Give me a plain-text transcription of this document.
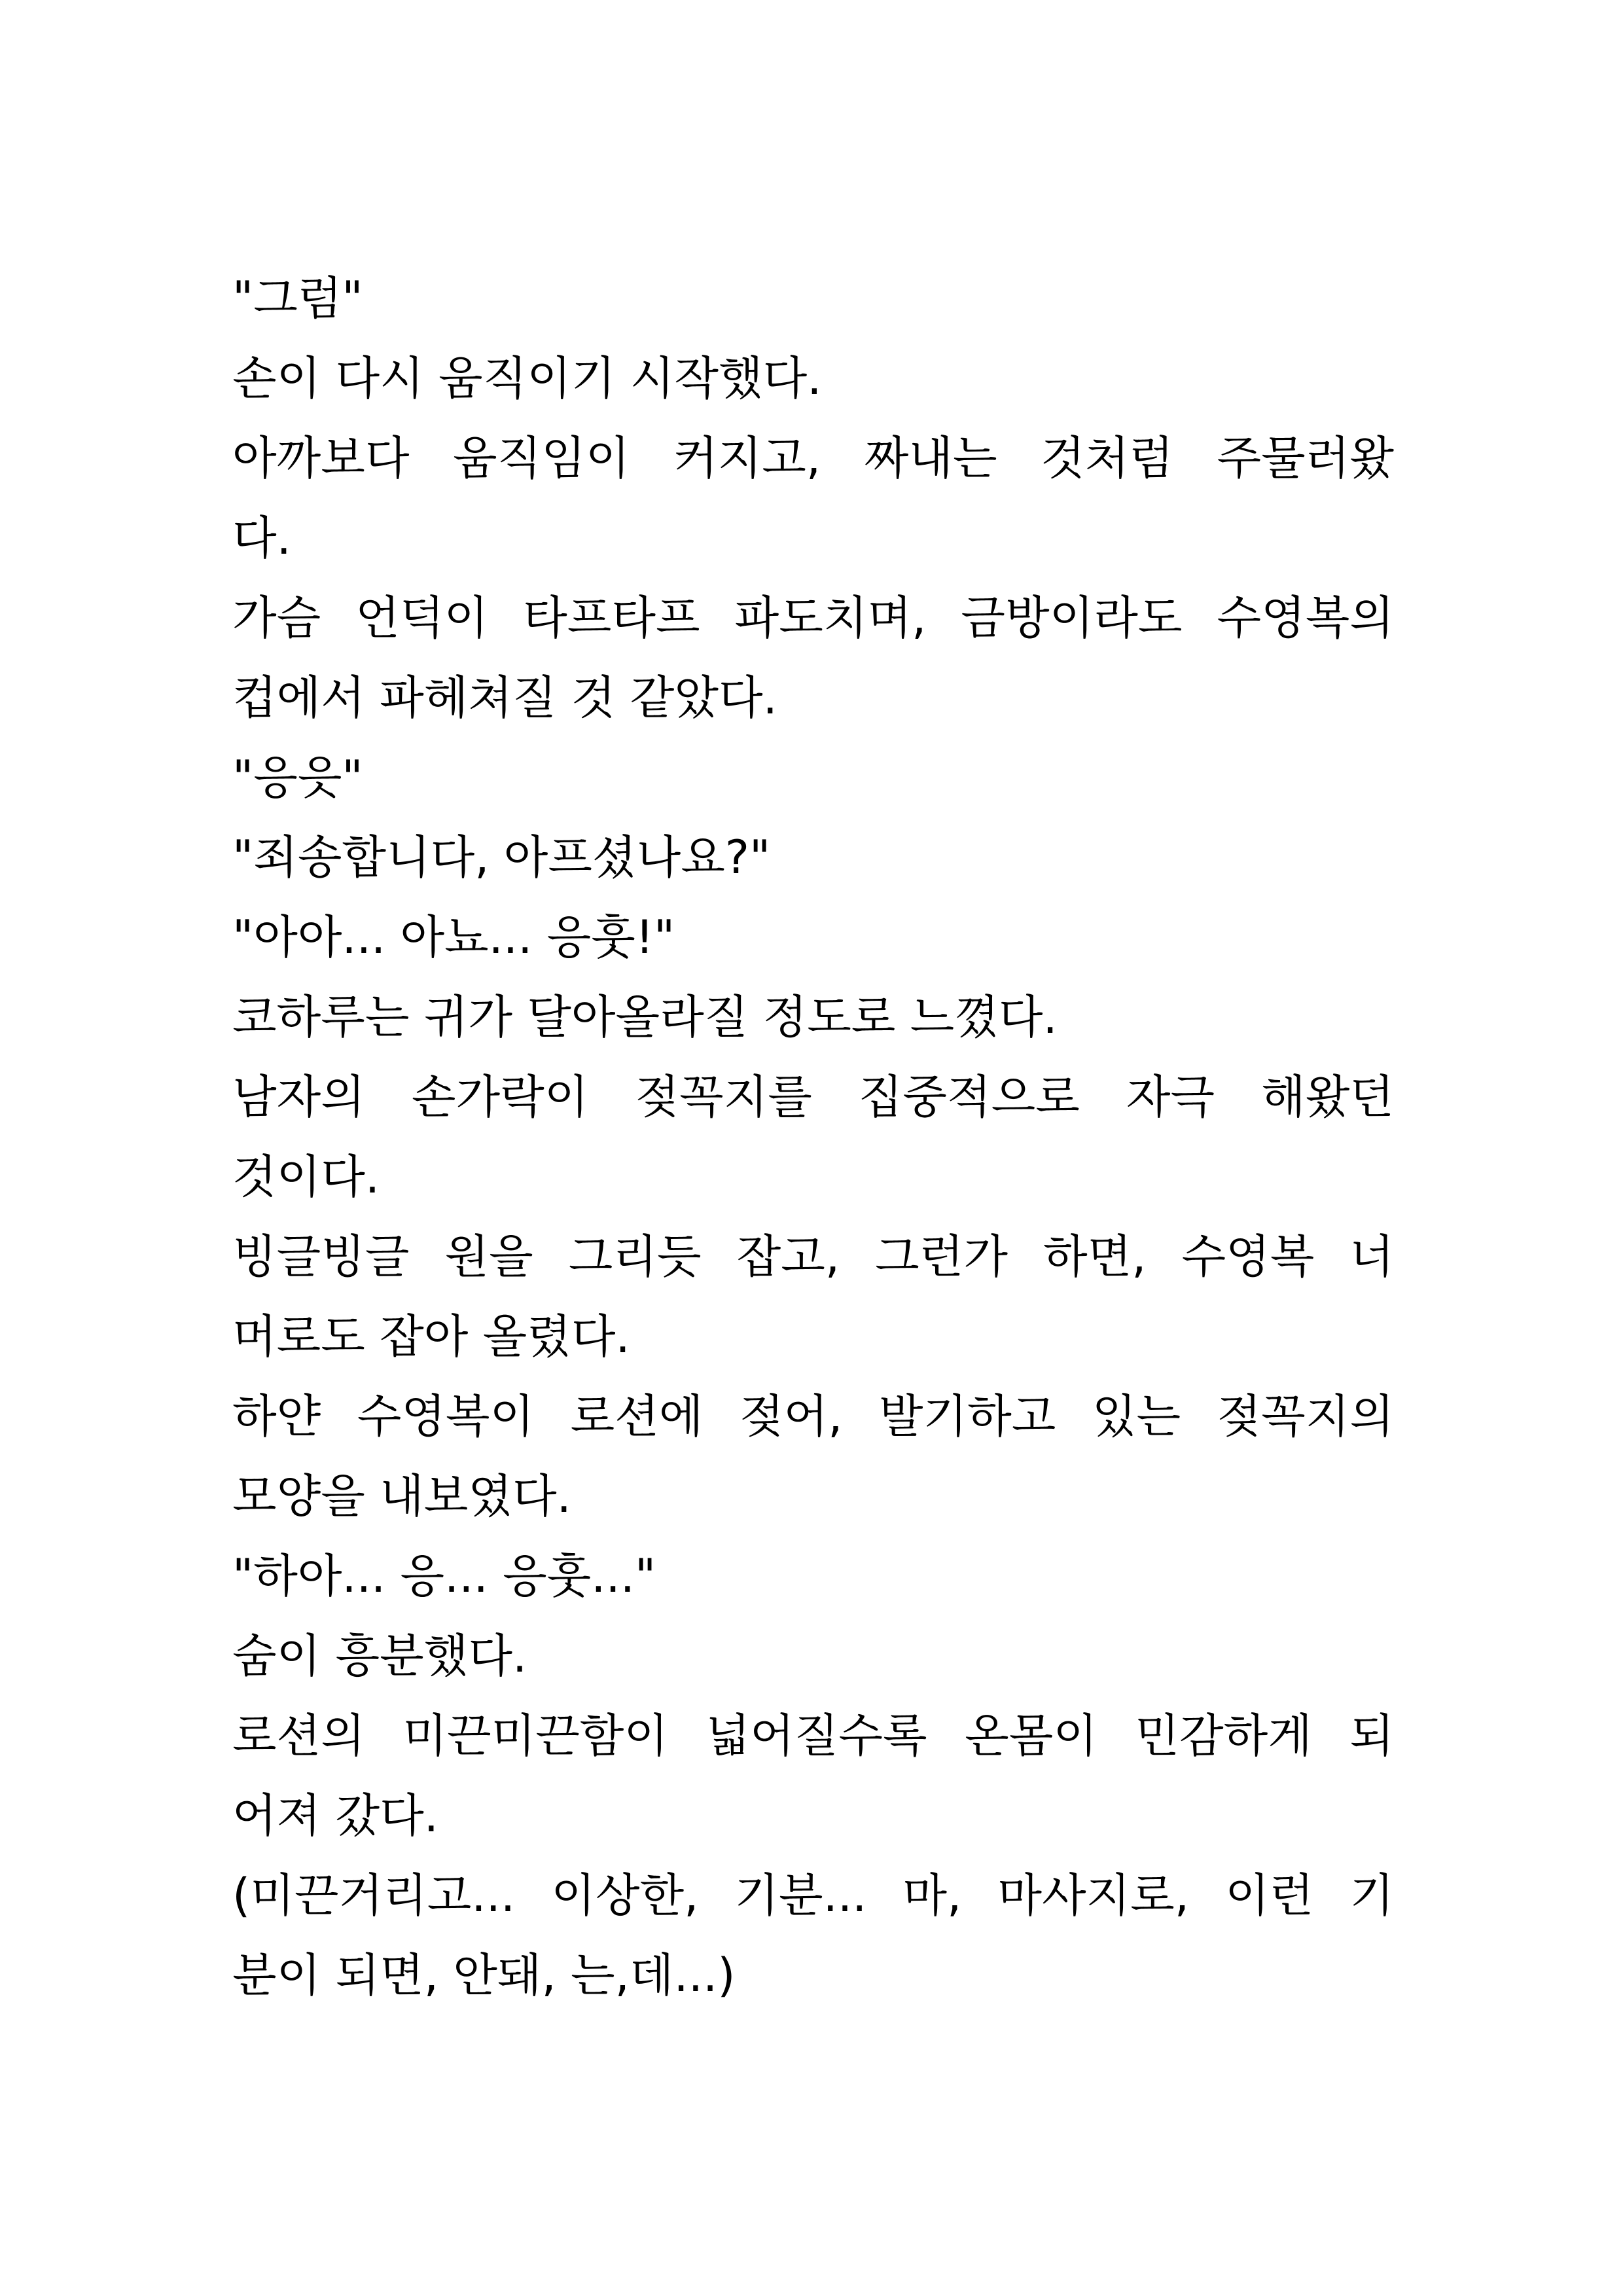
"그럼"
손이 다시 움직이기 시작했다.
아까보다 움직임이 커지고, 짜내는 것처럼 주물러왔
다.
가슴 언덕이 타프타프 파도치며, 금방이라도 수영복의
컵에서 파헤쳐질 것 같았다.
"응읏"
"죄송합니다, 아프셨나요?"
"아아... 아뇨... 응훗!"
코하루는 귀가 달아올라질 정도로 느꼈다.
남자의 손가락이 젖꼭지를 집중적으로 자극 해왔던
것이다.
빙글빙글 원을 그리듯 잡고, 그런가 하면, 수영복 너
머로도 잡아 올렸다.
하얀 수영복이 로션에 젖어, 발기하고 있는 젖꼭지의
모양을 내보였다.
"하아... 응... 응훗..."
숨이 흥분했다.
로션의 미끈미끈함이 넓어질수록 온몸이 민감하게 되
어져 갔다.
(미끈거리고... 이상한, 기분... 마, 마사지로, 이런 기
분이 되면, 안돼, 는,데...)
